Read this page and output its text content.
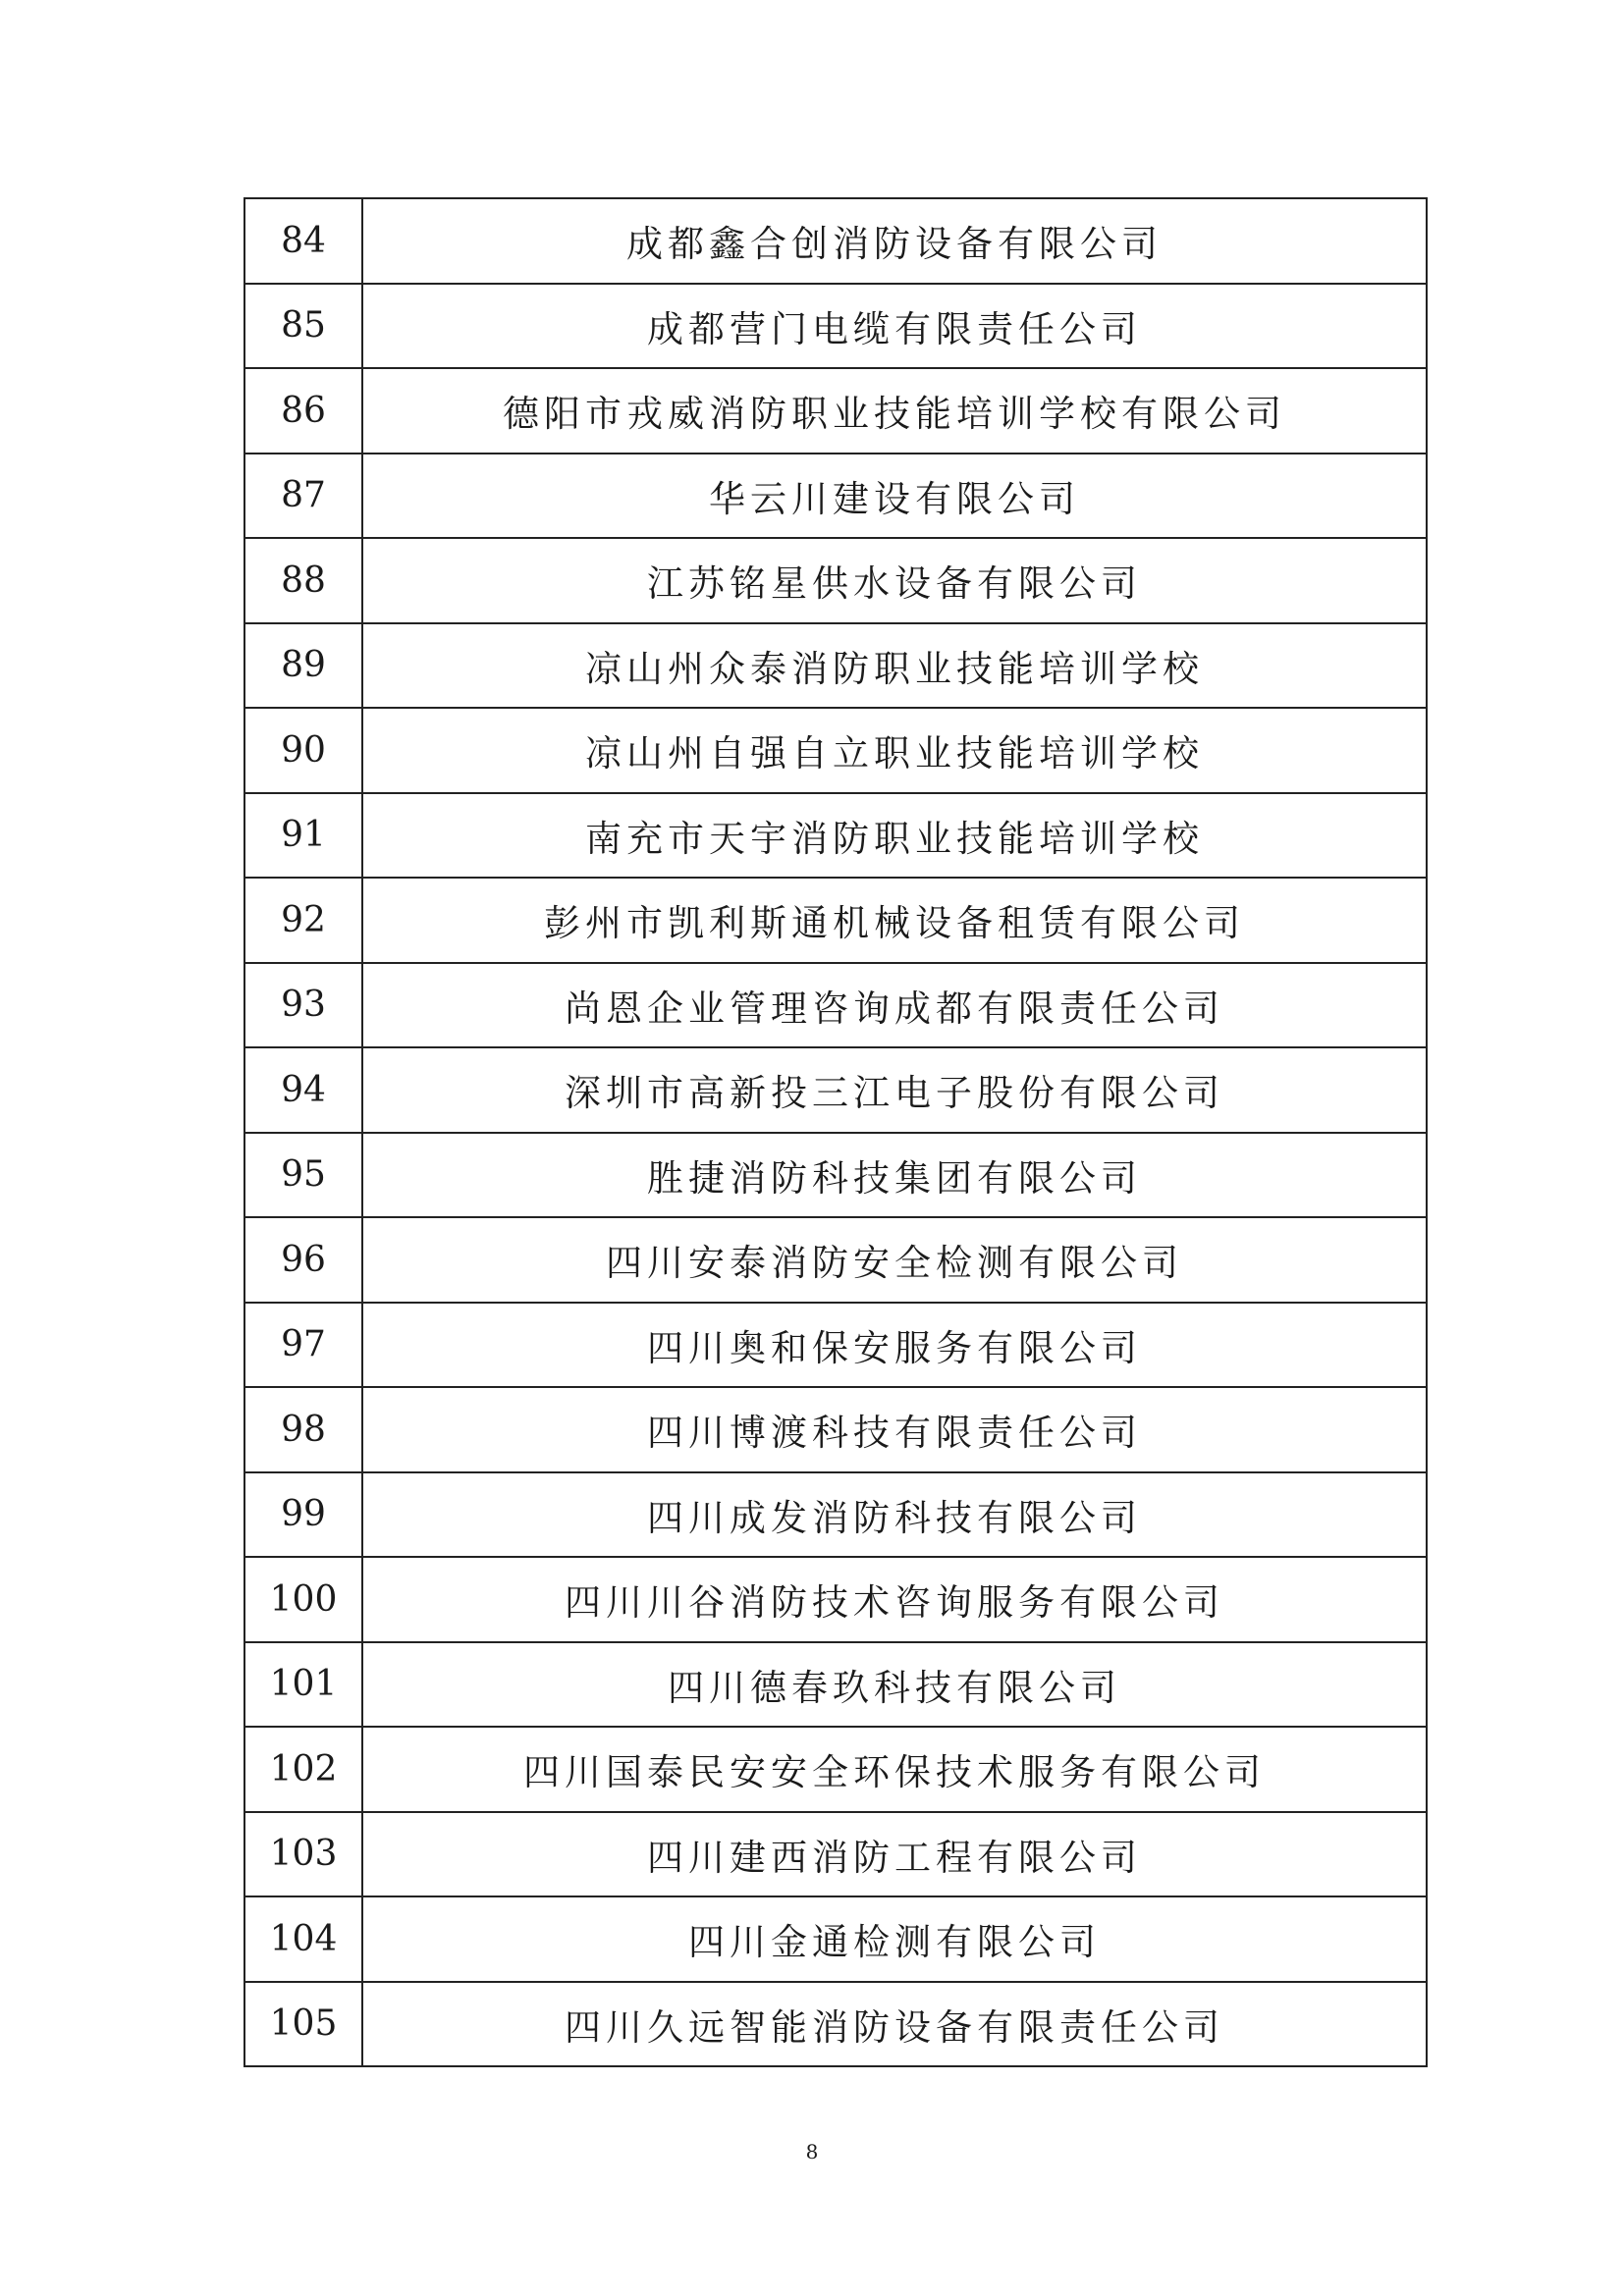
84	成都鑫合创消防设备有限公司
85	成都营门电缆有限责任公司
86	德阳市戎威消防职业技能培训学校有限公司
87	华云川建设有限公司
88	江苏铭星供水设备有限公司
89	凉山州众泰消防职业技能培训学校
90	凉山州自强自立职业技能培训学校
91	南充市天宇消防职业技能培训学校
92	彭州市凯利斯通机械设备租赁有限公司
93	尚恩企业管理咨询成都有限责任公司
94	深圳市高新投三江电子股份有限公司
95	胜捷消防科技集团有限公司
96	四川安泰消防安全检测有限公司
97	四川奥和保安服务有限公司
98	四川博渡科技有限责任公司
99	四川成发消防科技有限公司
100	四川川谷消防技术咨询服务有限公司
101	四川德春玖科技有限公司
102	四川国泰民安安全环保技术服务有限公司
103	四川建西消防工程有限公司
104	四川金通检测有限公司
105	四川久远智能消防设备有限责任公司
8
